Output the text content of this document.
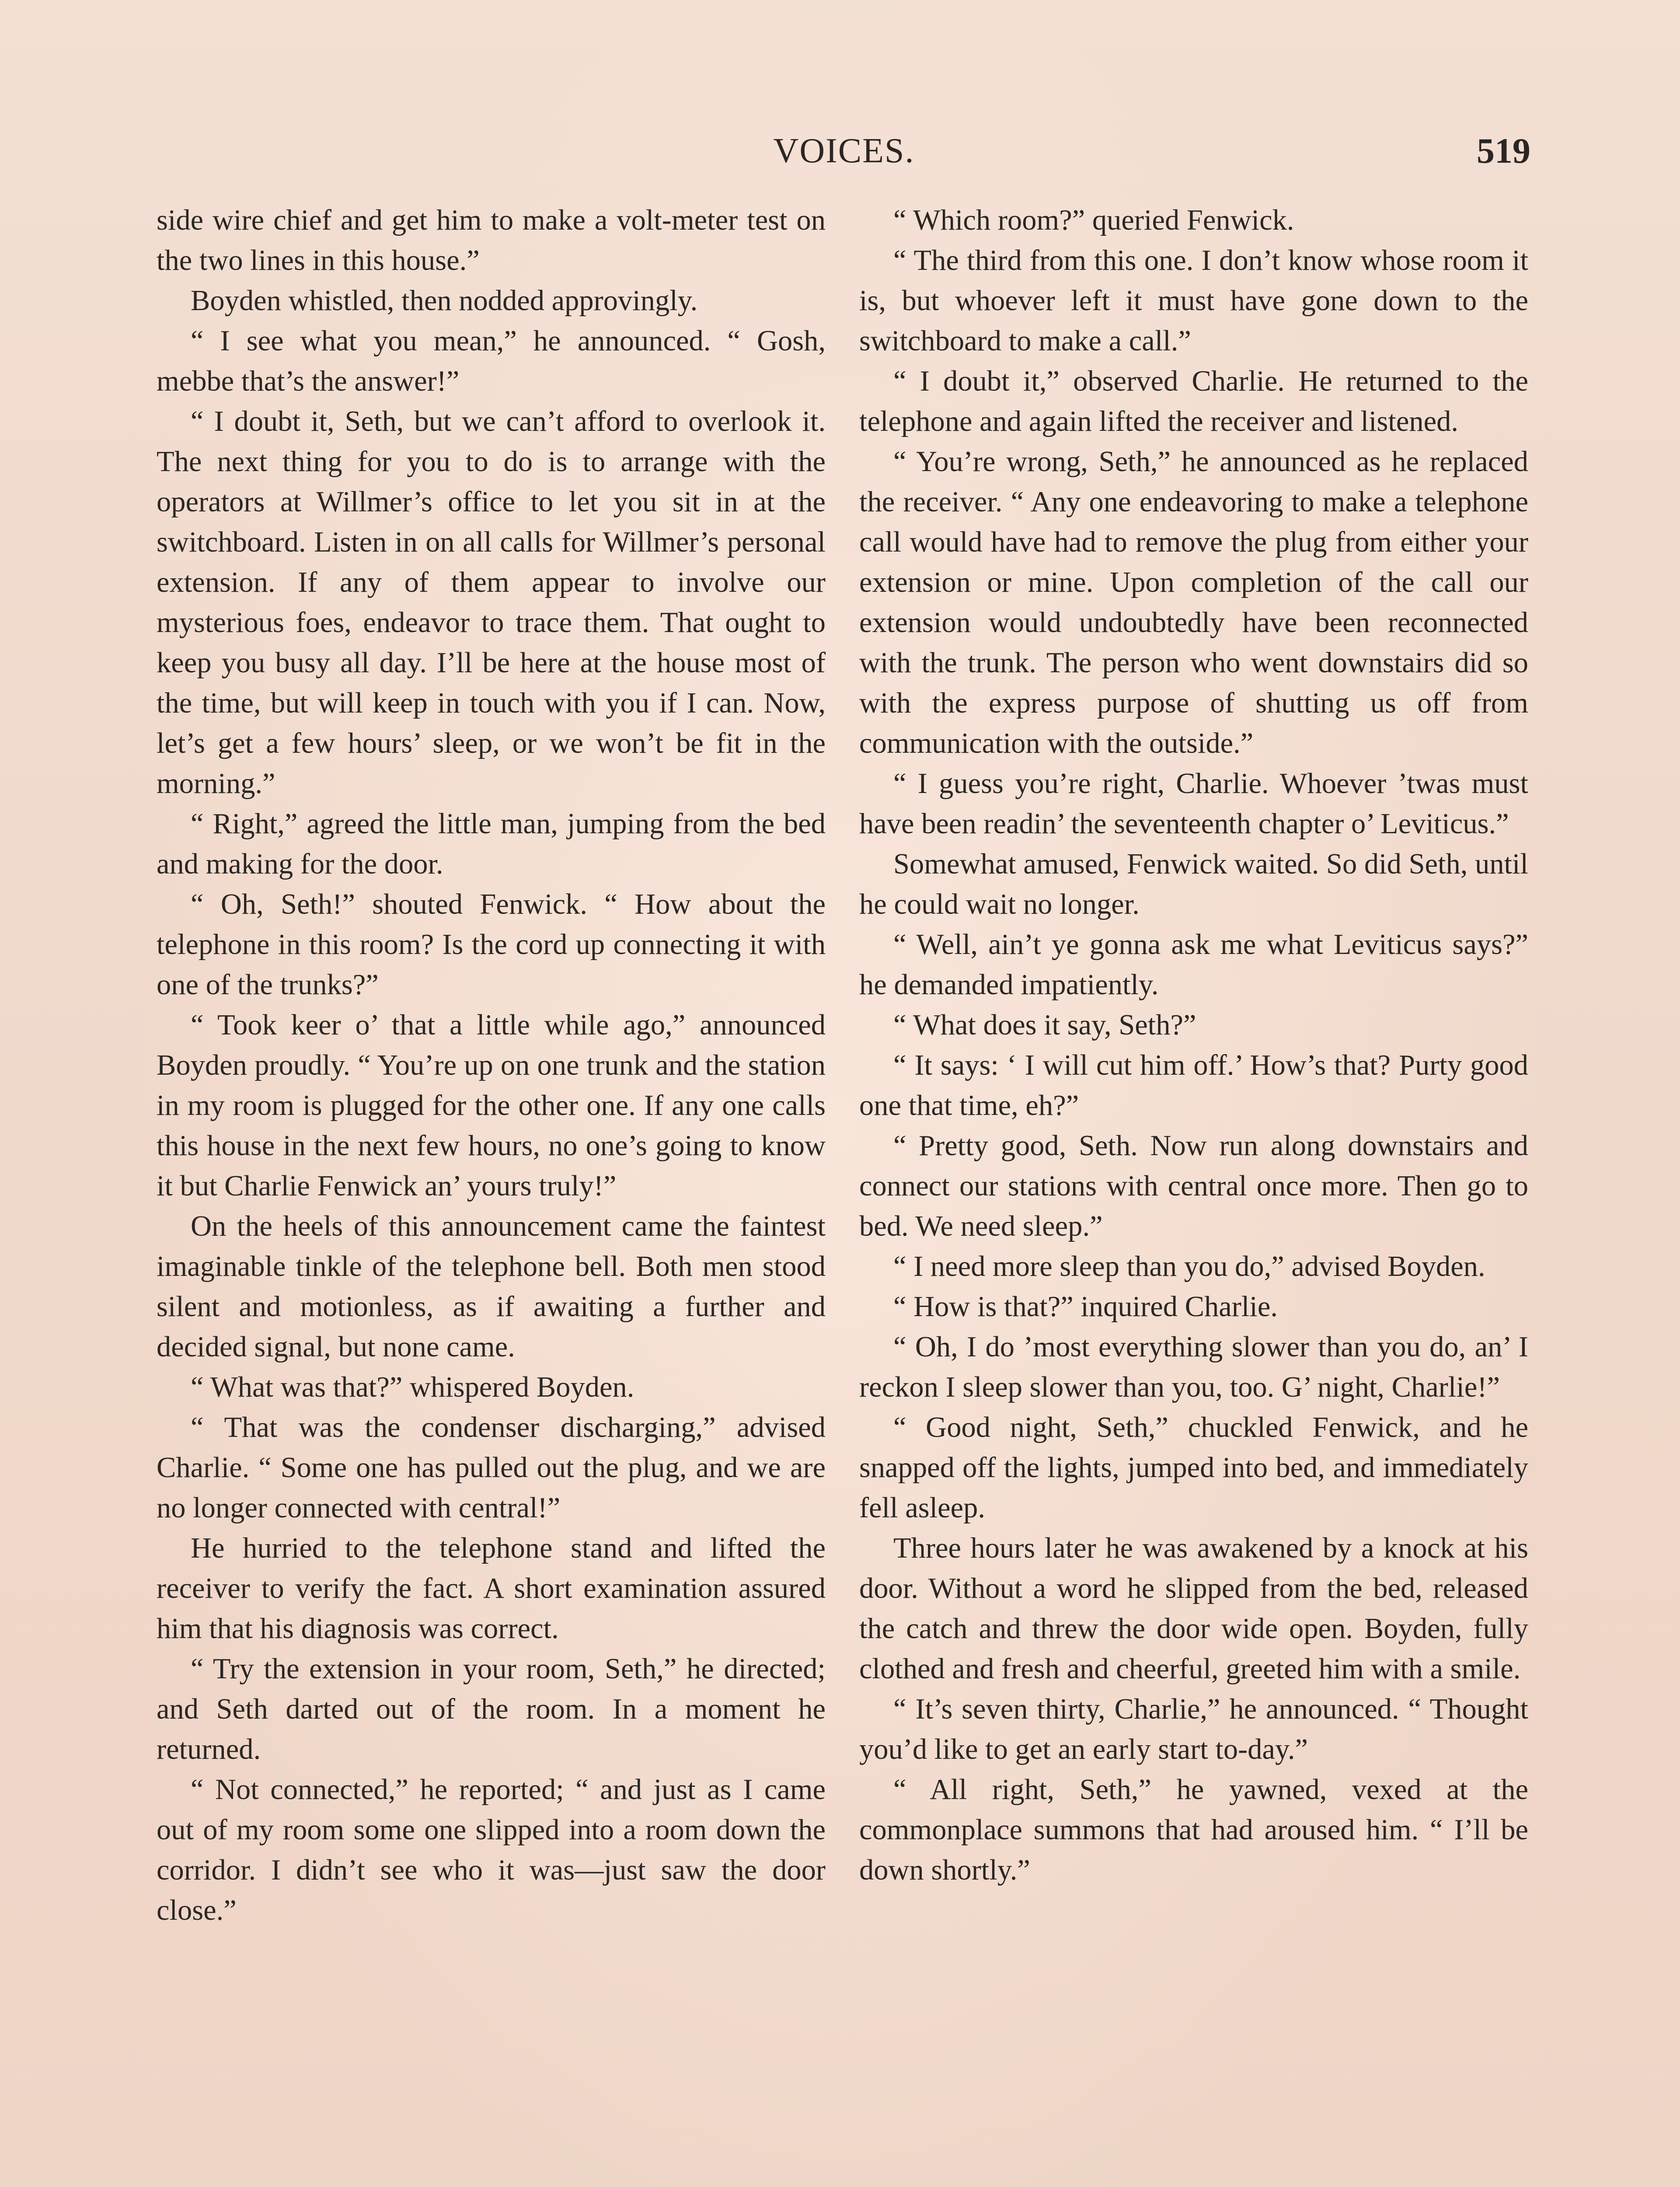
VOICES.	519

side wire chief and get him to make a volt-meter test on the two lines in this house.”

Boyden whistled, then nodded approvingly.

“ I see what you mean,” he announced. “ Gosh, mebbe that’s the answer!”

“ I doubt it, Seth, but we can’t afford to overlook it. The next thing for you to do is to arrange with the operators at Willmer’s office to let you sit in at the switchboard. Listen in on all calls for Willmer’s personal extension. If any of them appear to involve our mysterious foes, endeavor to trace them. That ought to keep you busy all day. I’ll be here at the house most of the time, but will keep in touch with you if I can. Now, let’s get a few hours’ sleep, or we won’t be fit in the morning.”

“ Right,” agreed the little man, jumping from the bed and making for the door.

“ Oh, Seth!” shouted Fenwick. “ How about the telephone in this room? Is the cord up connecting it with one of the trunks?”

“ Took keer o’ that a little while ago,” announced Boyden proudly. “ You’re up on one trunk and the station in my room is plugged for the other one. If any one calls this house in the next few hours, no one’s going to know it but Charlie Fenwick an’ yours truly!”

On the heels of this announcement came the faintest imaginable tinkle of the telephone bell. Both men stood silent and motionless, as if awaiting a further and decided signal, but none came.

“ What was that?” whispered Boyden.

“ That was the condenser discharging,” advised Charlie. “ Some one has pulled out the plug, and we are no longer connected with central!”

He hurried to the telephone stand and lifted the receiver to verify the fact. A short examination assured him that his diagnosis was correct.

“ Try the extension in your room, Seth,” he directed; and Seth darted out of the room. In a moment he returned.

“ Not connected,” he reported; “ and just as I came out of my room some one slipped into a room down the corridor. I didn’t see who it was—just saw the door close.”

“ Which room?” queried Fenwick.

“ The third from this one. I don’t know whose room it is, but whoever left it must have gone down to the switchboard to make a call.”

“ I doubt it,” observed Charlie. He returned to the telephone and again lifted the receiver and listened.

“ You’re wrong, Seth,” he announced as he replaced the receiver. “ Any one endeavoring to make a telephone call would have had to remove the plug from either your extension or mine. Upon completion of the call our extension would undoubtedly have been reconnected with the trunk. The person who went downstairs did so with the express purpose of shutting us off from communication with the outside.”

“ I guess you’re right, Charlie. Whoever ’twas must have been readin’ the seventeenth chapter o’ Leviticus.”

Somewhat amused, Fenwick waited. So did Seth, until he could wait no longer.

“ Well, ain’t ye gonna ask me what Leviticus says?” he demanded impatiently.

“ What does it say, Seth?”

“ It says: ‘ I will cut him off.’ How’s that? Purty good one that time, eh?”

“ Pretty good, Seth. Now run along downstairs and connect our stations with central once more. Then go to bed. We need sleep.”

“ I need more sleep than you do,” advised Boyden.

“ How is that?” inquired Charlie.

“ Oh, I do ’most everything slower than you do, an’ I reckon I sleep slower than you, too. G’ night, Charlie!”

“ Good night, Seth,” chuckled Fenwick, and he snapped off the lights, jumped into bed, and immediately fell asleep.

Three hours later he was awakened by a knock at his door. Without a word he slipped from the bed, released the catch and threw the door wide open. Boyden, fully clothed and fresh and cheerful, greeted him with a smile.

“ It’s seven thirty, Charlie,” he announced. “ Thought you’d like to get an early start to-day.”

“ All right, Seth,” he yawned, vexed at the commonplace summons that had aroused him. “ I’ll be down shortly.”
